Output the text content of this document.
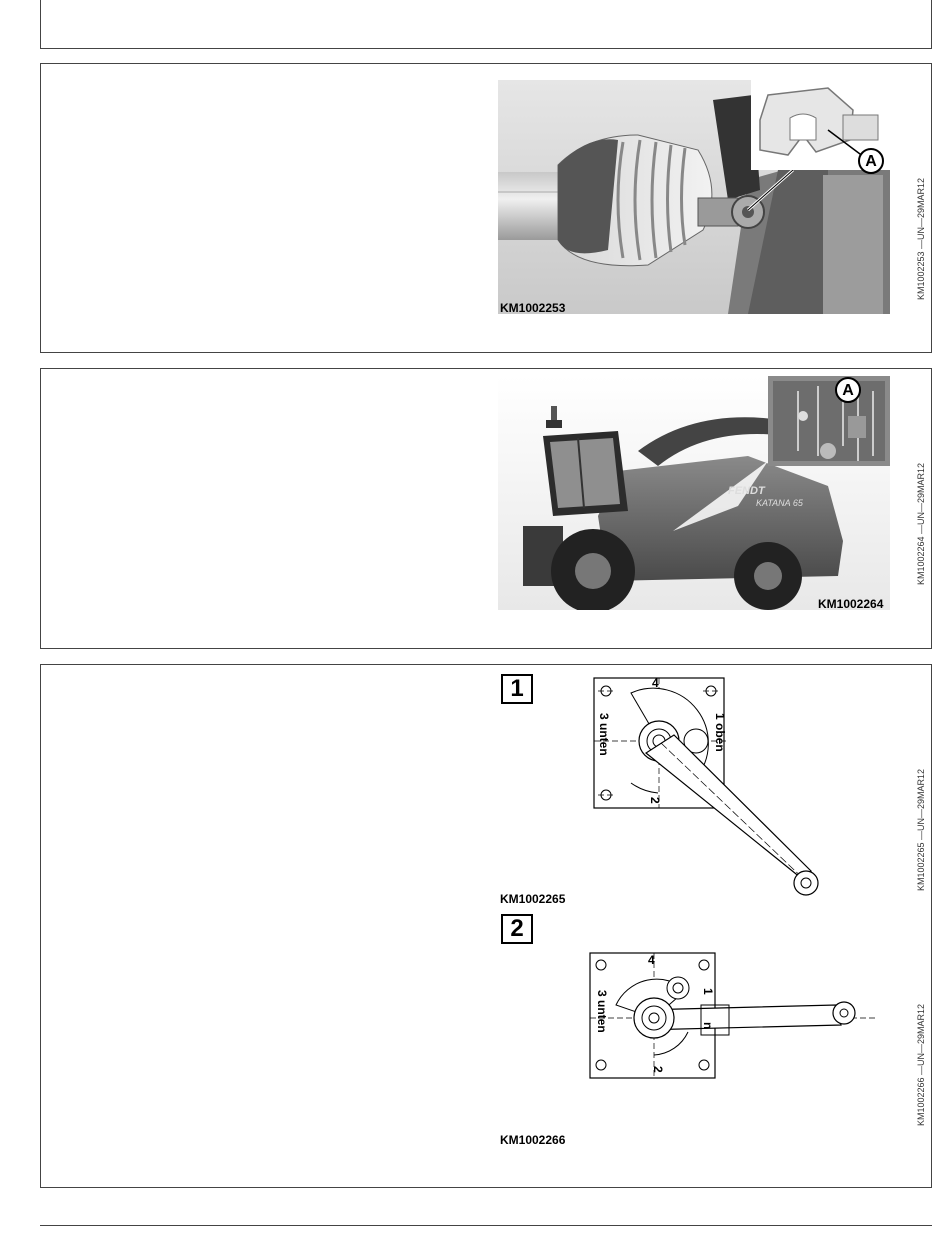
A
KM1002253
KM1002253 —UN—29MAR12
FENDT
KATANA 65
A
KM1002264
KM1002264 —UN—29MAR12
1	4
2
1 oben
3 unten
KM1002265
KM1002265 —UN—29MAR12
2
4
2
1
n
3 unten
KM1002266
KM1002266 —UN—29MAR12
